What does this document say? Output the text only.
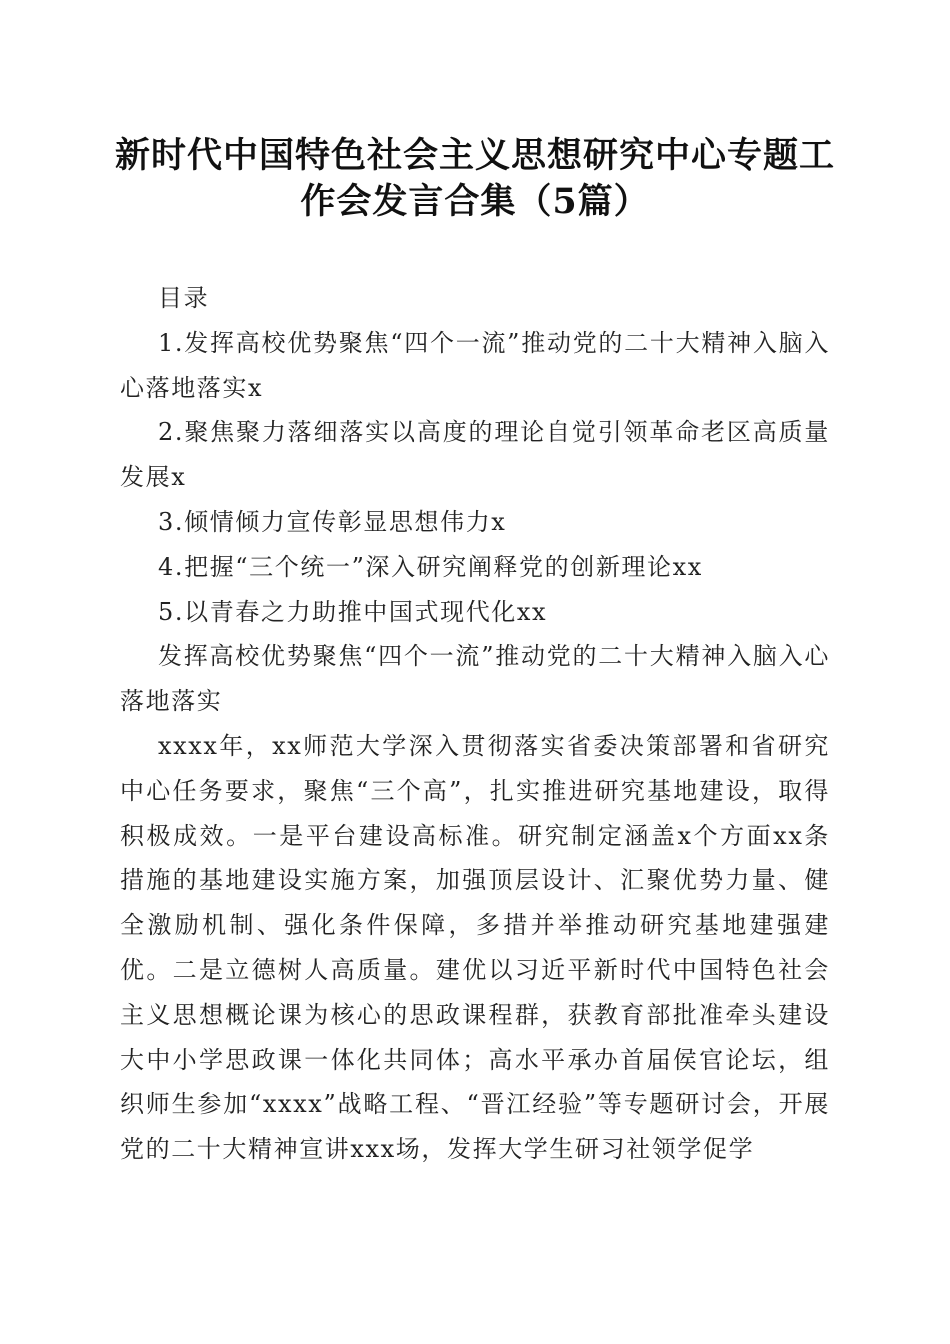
新时代中国特色社会主义思想研究中心专题工
作会发言合集（5篇）

目录

1.发挥高校优势聚焦“四个一流”推动党的二十大精神入脑入心落地落实x

2.聚焦聚力落细落实以高度的理论自觉引领革命老区高质量发展x

3.倾情倾力宣传彰显思想伟力x

4.把握“三个统一”深入研究阐释党的创新理论xx

5.以青春之力助推中国式现代化xx

发挥高校优势聚焦“四个一流”推动党的二十大精神入脑入心落地落实

xxxx年，xx师范大学深入贯彻落实省委决策部署和省研究中心任务要求，聚焦“三个高”，扎实推进研究基地建设，取得积极成效。一是平台建设高标准。研究制定涵盖x个方面xx条措施的基地建设实施方案，加强顶层设计、汇聚优势力量、健全激励机制、强化条件保障，多措并举推动研究基地建强建优。二是立德树人高质量。建优以习近平新时代中国特色社会主义思想概论课为核心的思政课程群，获教育部批准牵头建设大中小学思政课一体化共同体；高水平承办首届侯官论坛，组织师生参加“xxxx”战略工程、“晋江经验”等专题研讨会，开展党的二十大精神宣讲xxx场，发挥大学生研习社领学促学
